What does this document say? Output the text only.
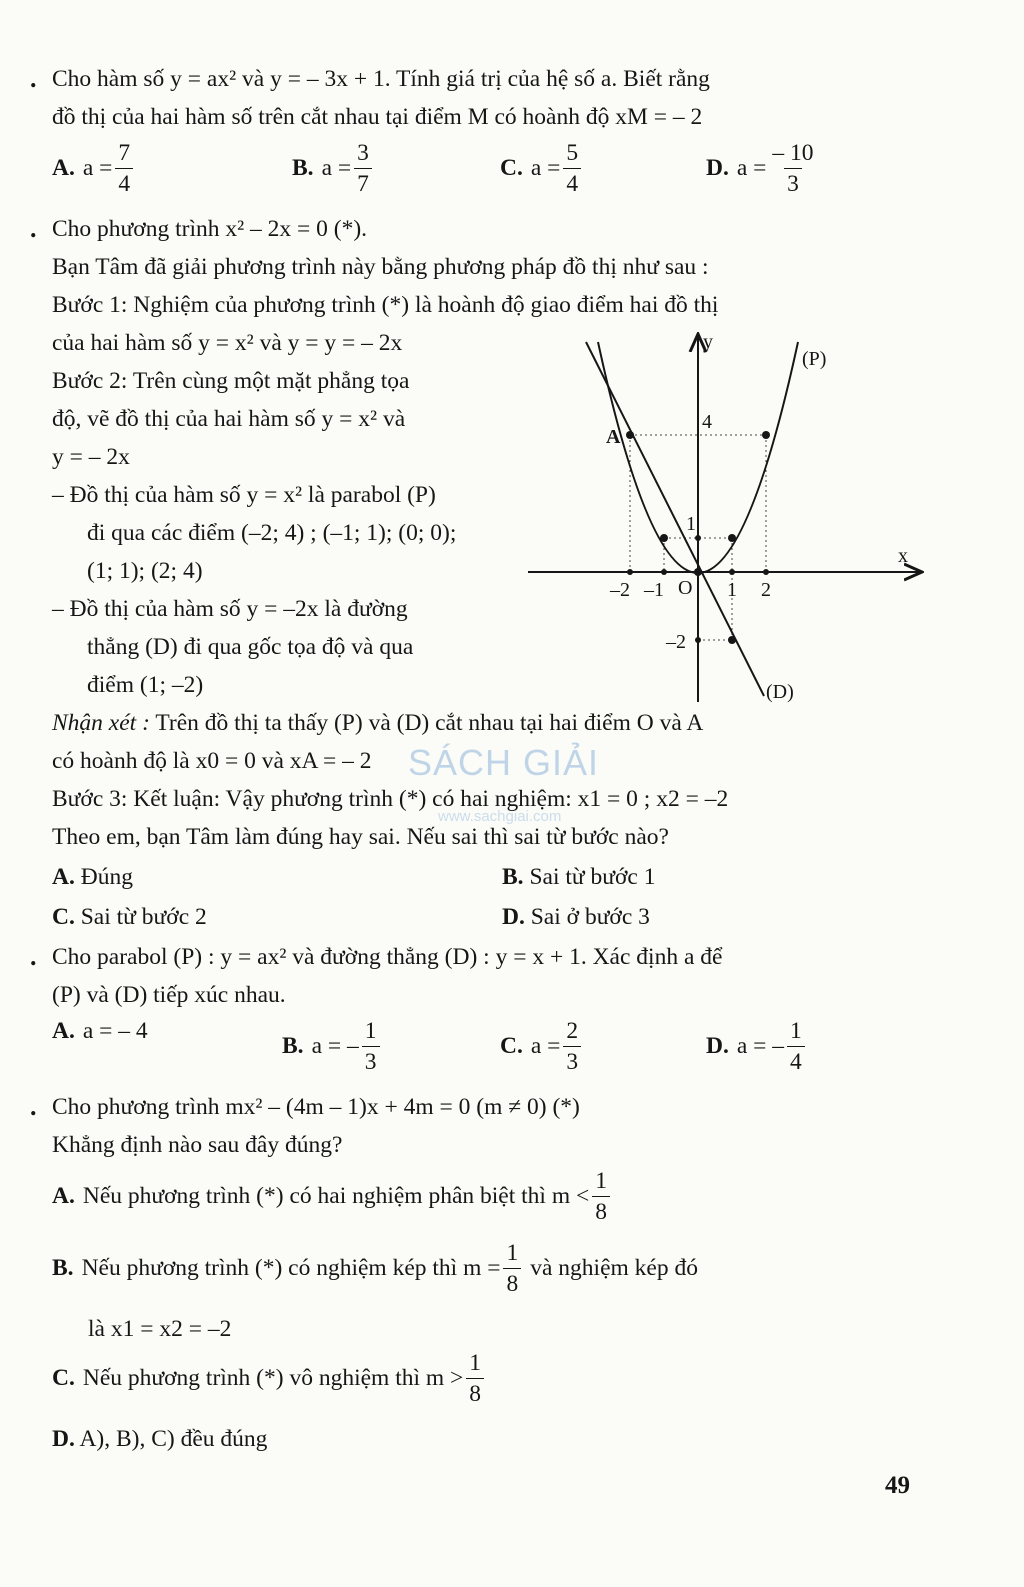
. Cho hàm số y = ax² và y = – 3x + 1. Tính giá trị của hệ số a. Biết rằng
đồ thị của hai hàm số trên cắt nhau tại điểm M có hoành độ xM = – 2
A. $a = \frac{7}{4}$	B. $a = \frac{3}{7}$	C. $a = \frac{5}{4}$	D. $a = \frac{- 10}{3}$
. Cho phương trình x² – 2x = 0 (*).
Bạn Tâm đã giải phương trình này bằng phương pháp đồ thị như sau :
Bước 1: Nghiệm của phương trình (*) là hoành độ giao điểm hai đồ thị
của hai hàm số y = x² và y = y = – 2x
Bước 2: Trên cùng một mặt phẳng tọa
độ, vẽ đồ thị của hai hàm số y = x² và
y = – 2x
– Đồ thị của hàm số y = x² là parabol (P)
đi qua các điểm (–2; 4) ; (–1; 1); (0; 0);
(1; 1); (2; 4)
– Đồ thị của hàm số y = –2x là đường
thẳng (D) đi qua gốc tọa độ và qua
điểm (1; –2)
y
x
(P)
(D)
A
O
–2 –1	1 2
4
1
–2
Nhận xét : Trên đồ thị ta thấy (P) và (D) cắt nhau tại hai điểm O và A
có hoành độ là x0 = 0 và xA = – 2
Bước 3: Kết luận: Vậy phương trình (*) có hai nghiệm: x1 = 0 ; x2 = –2
Theo em, bạn Tâm làm đúng hay sai. Nếu sai thì sai từ bước nào?
A. Đúng	B. Sai từ bước 1
C. Sai từ bước 2	D. Sai ở bước 3
SÁCH GIẢI
www.sachgiai.com
. Cho parabol (P) : y = ax² và đường thẳng (D) : y = x + 1. Xác định a để
(P) và (D) tiếp xúc nhau.
A. a = – 4
B. a = – $\frac{1}{3}$	C. $a = \frac{2}{3}$	D. a = – $\frac{1}{4}$
. Cho phương trình mx² – (4m – 1)x + 4m = 0 (m ≠ 0) (*)
Khẳng định nào sau đây đúng?
A. Nếu phương trình (*) có hai nghiệm phân biệt thì $m < \frac{1}{8}$
B. Nếu phương trình (*) có nghiệm kép thì $m = \frac{1}{8}$ và nghiệm kép đó
là x1 = x2 = –2
C. Nếu phương trình (*) vô nghiệm thì $m > \frac{1}{8}$
D. A), B), C) đều đúng
49
